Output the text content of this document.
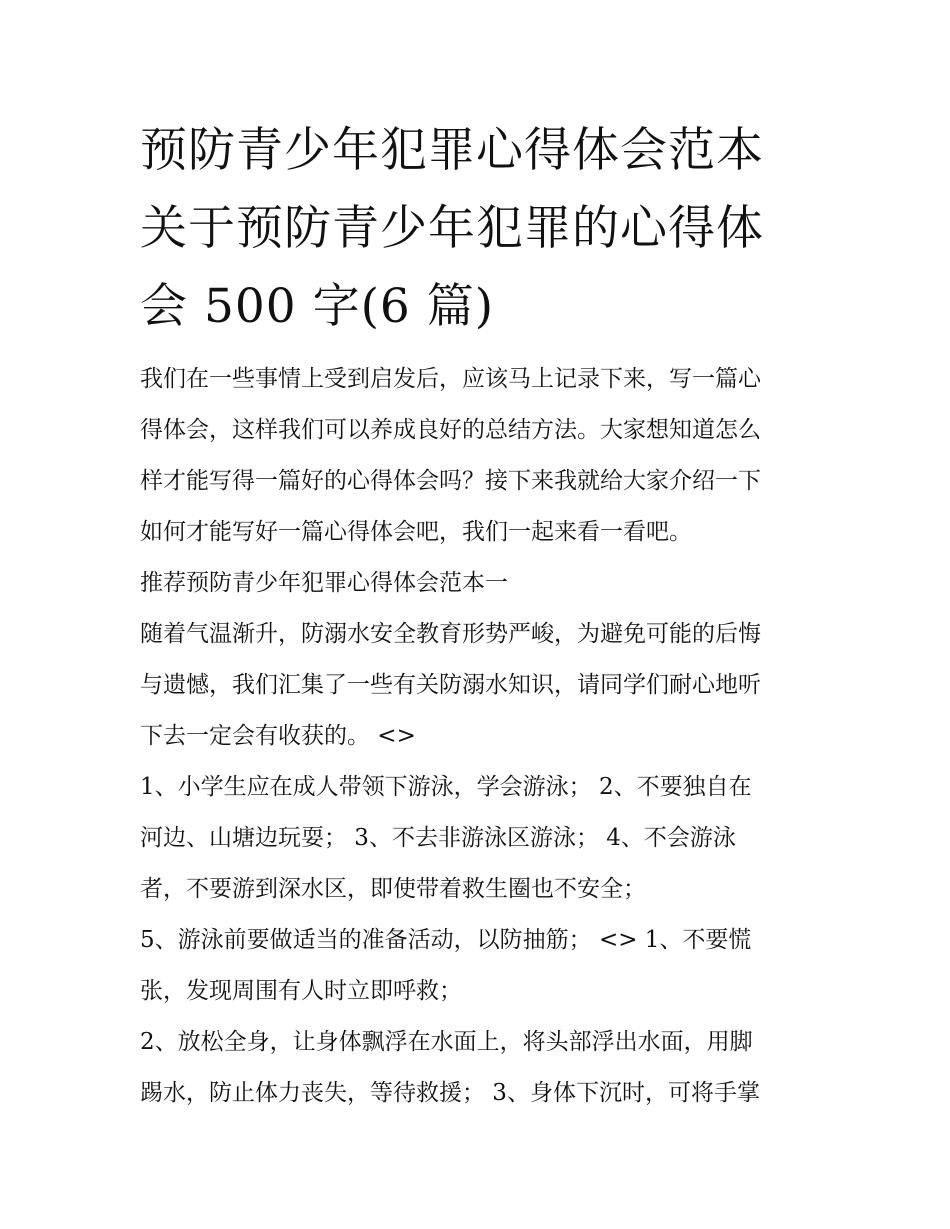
预防青少年犯罪心得体会范本
关于预防青少年犯罪的心得体
会 500 字(6 篇)
我们在一些事情上受到启发后，应该马上记录下来，写一篇心
得体会，这样我们可以养成良好的总结方法。大家想知道怎么
样才能写得一篇好的心得体会吗？接下来我就给大家介绍一下
如何才能写好一篇心得体会吧，我们一起来看一看吧。
推荐预防青少年犯罪心得体会范本一
随着气温渐升，防溺水安全教育形势严峻，为避免可能的后悔
与遗憾，我们汇集了一些有关防溺水知识，请同学们耐心地听
下去一定会有收获的。 <>
1、小学生应在成人带领下游泳，学会游泳； 2、不要独自在
河边、山塘边玩耍； 3、不去非游泳区游泳； 4、不会游泳
者，不要游到深水区，即使带着救生圈也不安全；
5、游泳前要做适当的准备活动，以防抽筋； <> 1、不要慌
张，发现周围有人时立即呼救；
2、放松全身，让身体飘浮在水面上，将头部浮出水面，用脚
踢水，防止体力丧失，等待救援； 3、身体下沉时，可将手掌
